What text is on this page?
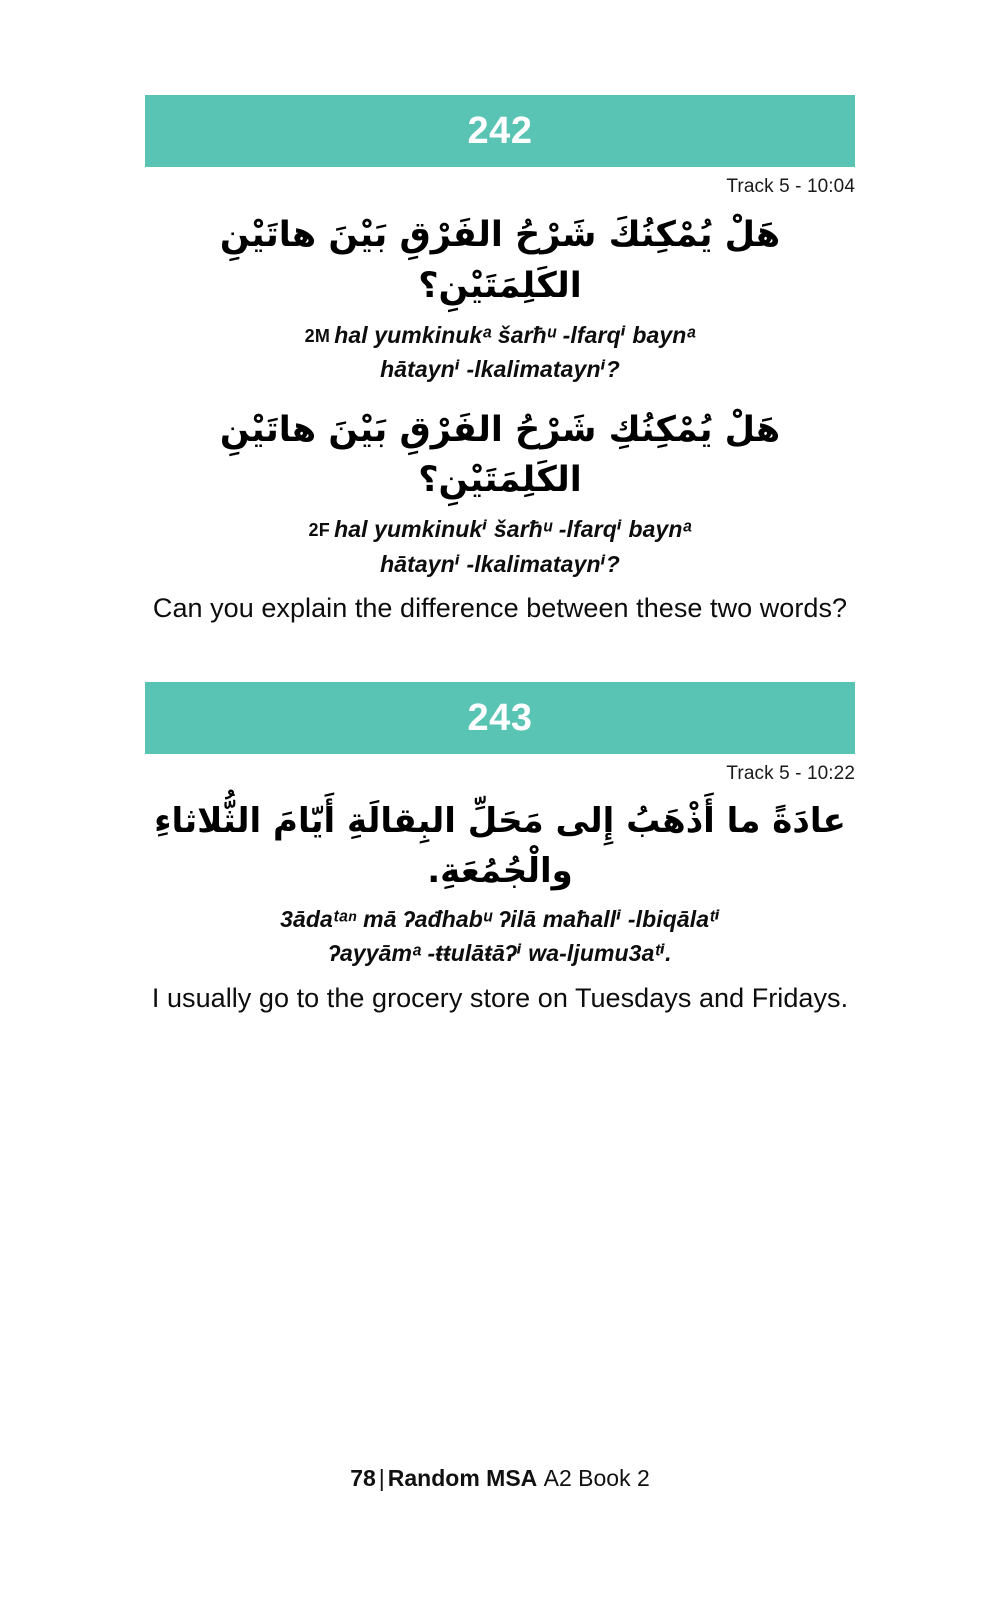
242
Track 5 - 10:04
هَلْ يُمْكِنُكَ شَرْحُ الفَرْقِ بَيْنَ هاتَيْنِ الكَلِمَتَيْنِ؟
2M hal yumkinukᵃ šarħᵘ -lfarqⁱ baynᵃ
hātaynⁱ -lkalimataynⁱ?
هَلْ يُمْكِنُكِ شَرْحُ الفَرْقِ بَيْنَ هاتَيْنِ الكَلِمَتَيْنِ؟
2F hal yumkinukⁱ šarħᵘ -lfarqⁱ baynᵃ
hātaynⁱ -lkalimataynⁱ?
Can you explain the difference between these two words?
243
Track 5 - 10:22
عادَةً ما أَذْهَبُ إِلى مَحَلِّ البِقالَةِ أَيّامَ الثُّلاثاءِ والْجُمُعَةِ.
3ādaᵗᵃⁿ mā ʔađhabᵘ ʔilā maħallⁱ -lbiqālaᵗⁱ
ʔayyāmᵃ -ŧŧulāŧāʔⁱ wa-ljumu3aᵗⁱ.
I usually go to the grocery store on Tuesdays and Fridays.
78 | Random MSA A2 Book 2
